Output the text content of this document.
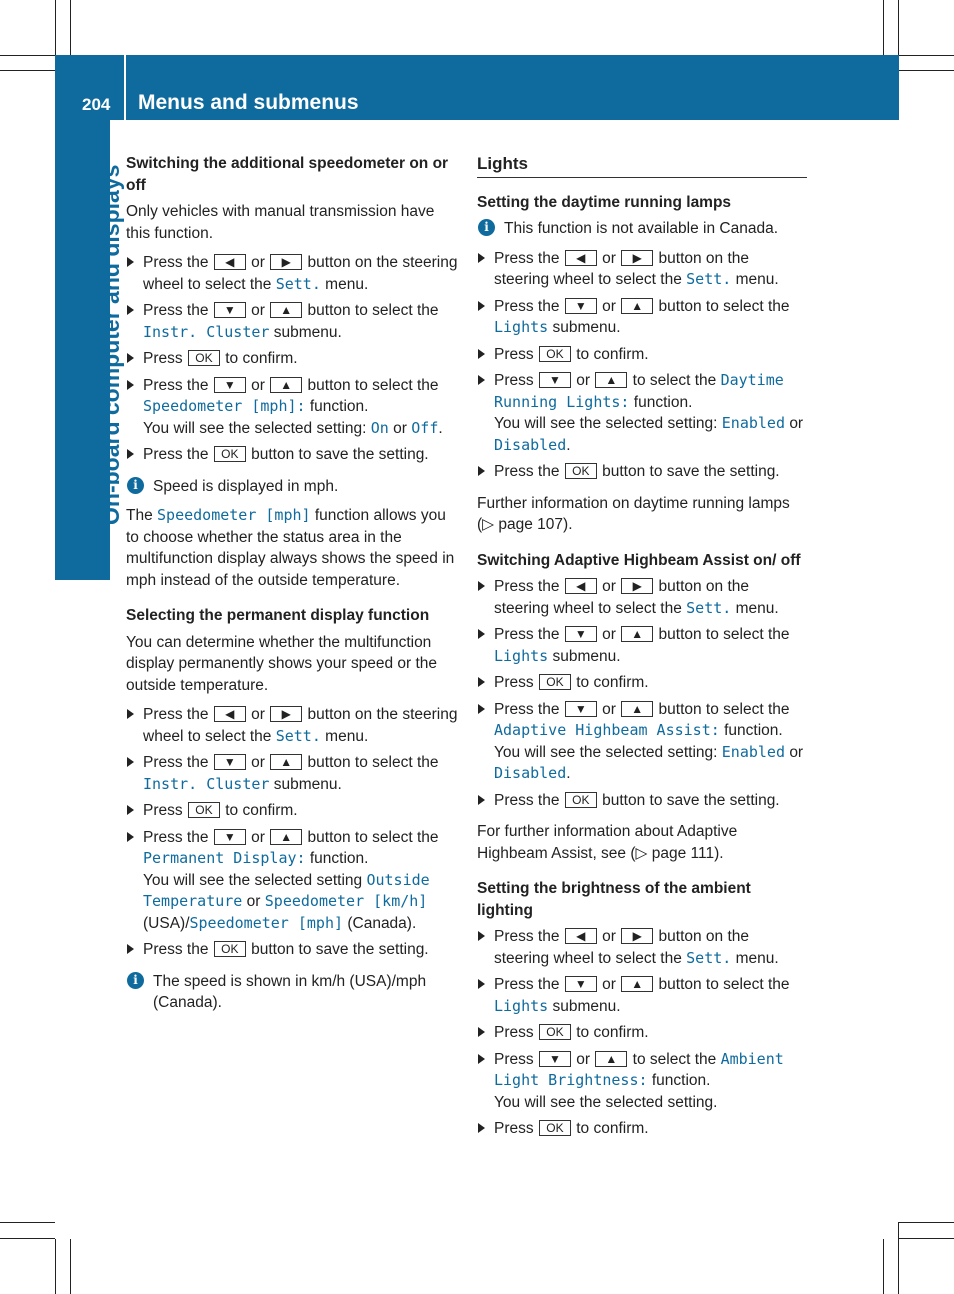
204 Menus and submenus
On-board computer and displays
Switching the additional speedometer on or off

Only vehicles with manual transmission have this function.

Press the ◀ or ▶ button on the steering wheel to select the Sett. menu.
Press the ▼ or ▲ button to select the Instr. Cluster submenu.
Press OK to confirm.
Press the ▼ or ▲ button to select the Speedometer [mph]: function.
You will see the selected setting: On or Off.
Press the OK button to save the setting.
i Speed is displayed in mph.

The Speedometer [mph] function allows you to choose whether the status area in the multifunction display always shows the speed in mph instead of the outside temperature.

Selecting the permanent display function

You can determine whether the multifunction display permanently shows your speed or the outside temperature.

Press the ◀ or ▶ button on the steering wheel to select the Sett. menu.
Press the ▼ or ▲ button to select the Instr. Cluster submenu.
Press OK to confirm.
Press the ▼ or ▲ button to select the Permanent Display: function.
You will see the selected setting Outside Temperature or Speedometer [km/h] (USA)/Speedometer [mph] (Canada).
Press the OK button to save the setting.
i The speed is shown in km/h (USA)/mph (Canada).
Lights
Setting the daytime running lamps
i This function is not available in Canada.
Press the ◀ or ▶ button on the steering wheel to select the Sett. menu.
Press the ▼ or ▲ button to select the Lights submenu.
Press OK to confirm.
Press ▼ or ▲ to select the Daytime Running Lights: function.
You will see the selected setting: Enabled or Disabled.
Press the OK button to save the setting.

Further information on daytime running lamps (▷ page 107).

Switching Adaptive Highbeam Assist on/ off
Press the ◀ or ▶ button on the steering wheel to select the Sett. menu.
Press the ▼ or ▲ button to select the Lights submenu.
Press OK to confirm.
Press the ▼ or ▲ button to select the Adaptive Highbeam Assist: function.
You will see the selected setting: Enabled or Disabled.
Press the OK button to save the setting.

For further information about Adaptive Highbeam Assist, see (▷ page 111).

Setting the brightness of the ambient lighting
Press the ◀ or ▶ button on the steering wheel to select the Sett. menu.
Press the ▼ or ▲ button to select the Lights submenu.
Press OK to confirm.
Press ▼ or ▲ to select the Ambient Light Brightness: function.
You will see the selected setting.
Press OK to confirm.
